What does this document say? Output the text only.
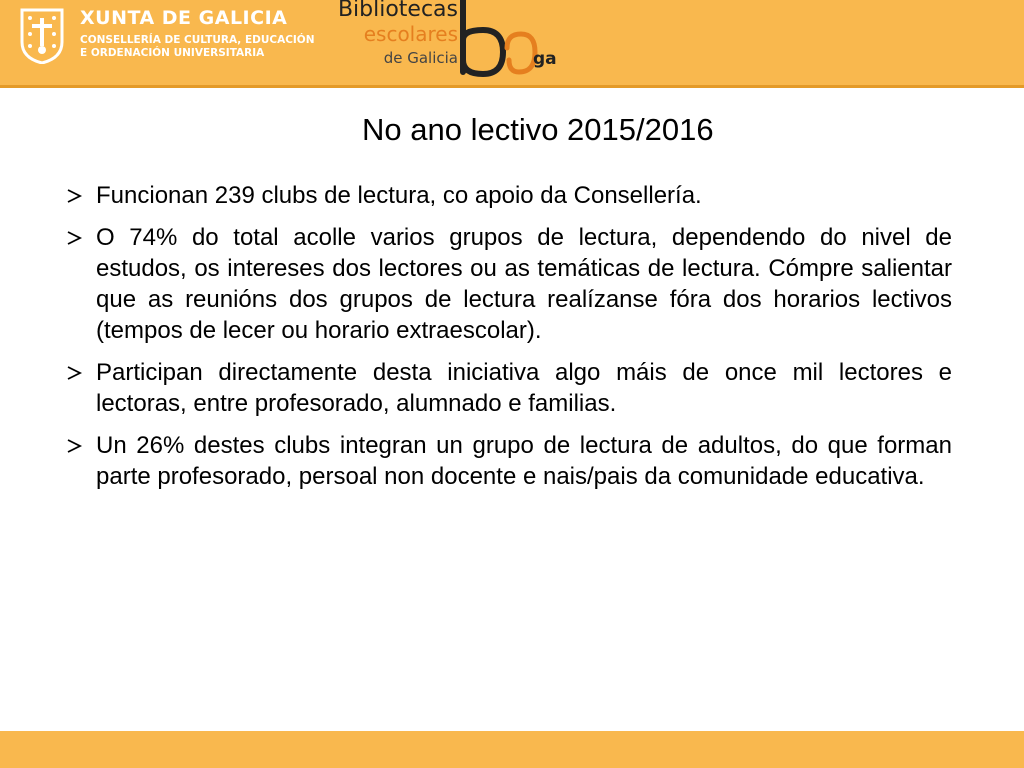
XUNTA DE GALICIA
CONSELLERÍA DE CULTURA, EDUCACIÓN
E ORDENACIÓN UNIVERSITARIA
Bibliotecas
escolares
de Galicia	ga
No ano lectivo 2015/2016
Funcionan 239 clubs de lectura, co apoio da Consellería.
O 74% do total acolle varios grupos de lectura, dependendo do nivel de estudos, os intereses dos lectores ou as temáticas de lectura. Cómpre salientar que as reunións dos grupos de lectura realízanse fóra dos horarios lectivos (tempos de lecer ou horario extraescolar).
Participan directamente desta iniciativa algo máis de once mil lectores e lectoras, entre profesorado, alumnado e familias.
Un 26% destes clubs integran un grupo de lectura de adultos, do que forman parte profesorado, persoal non docente e nais/pais da comunidade educativa.
